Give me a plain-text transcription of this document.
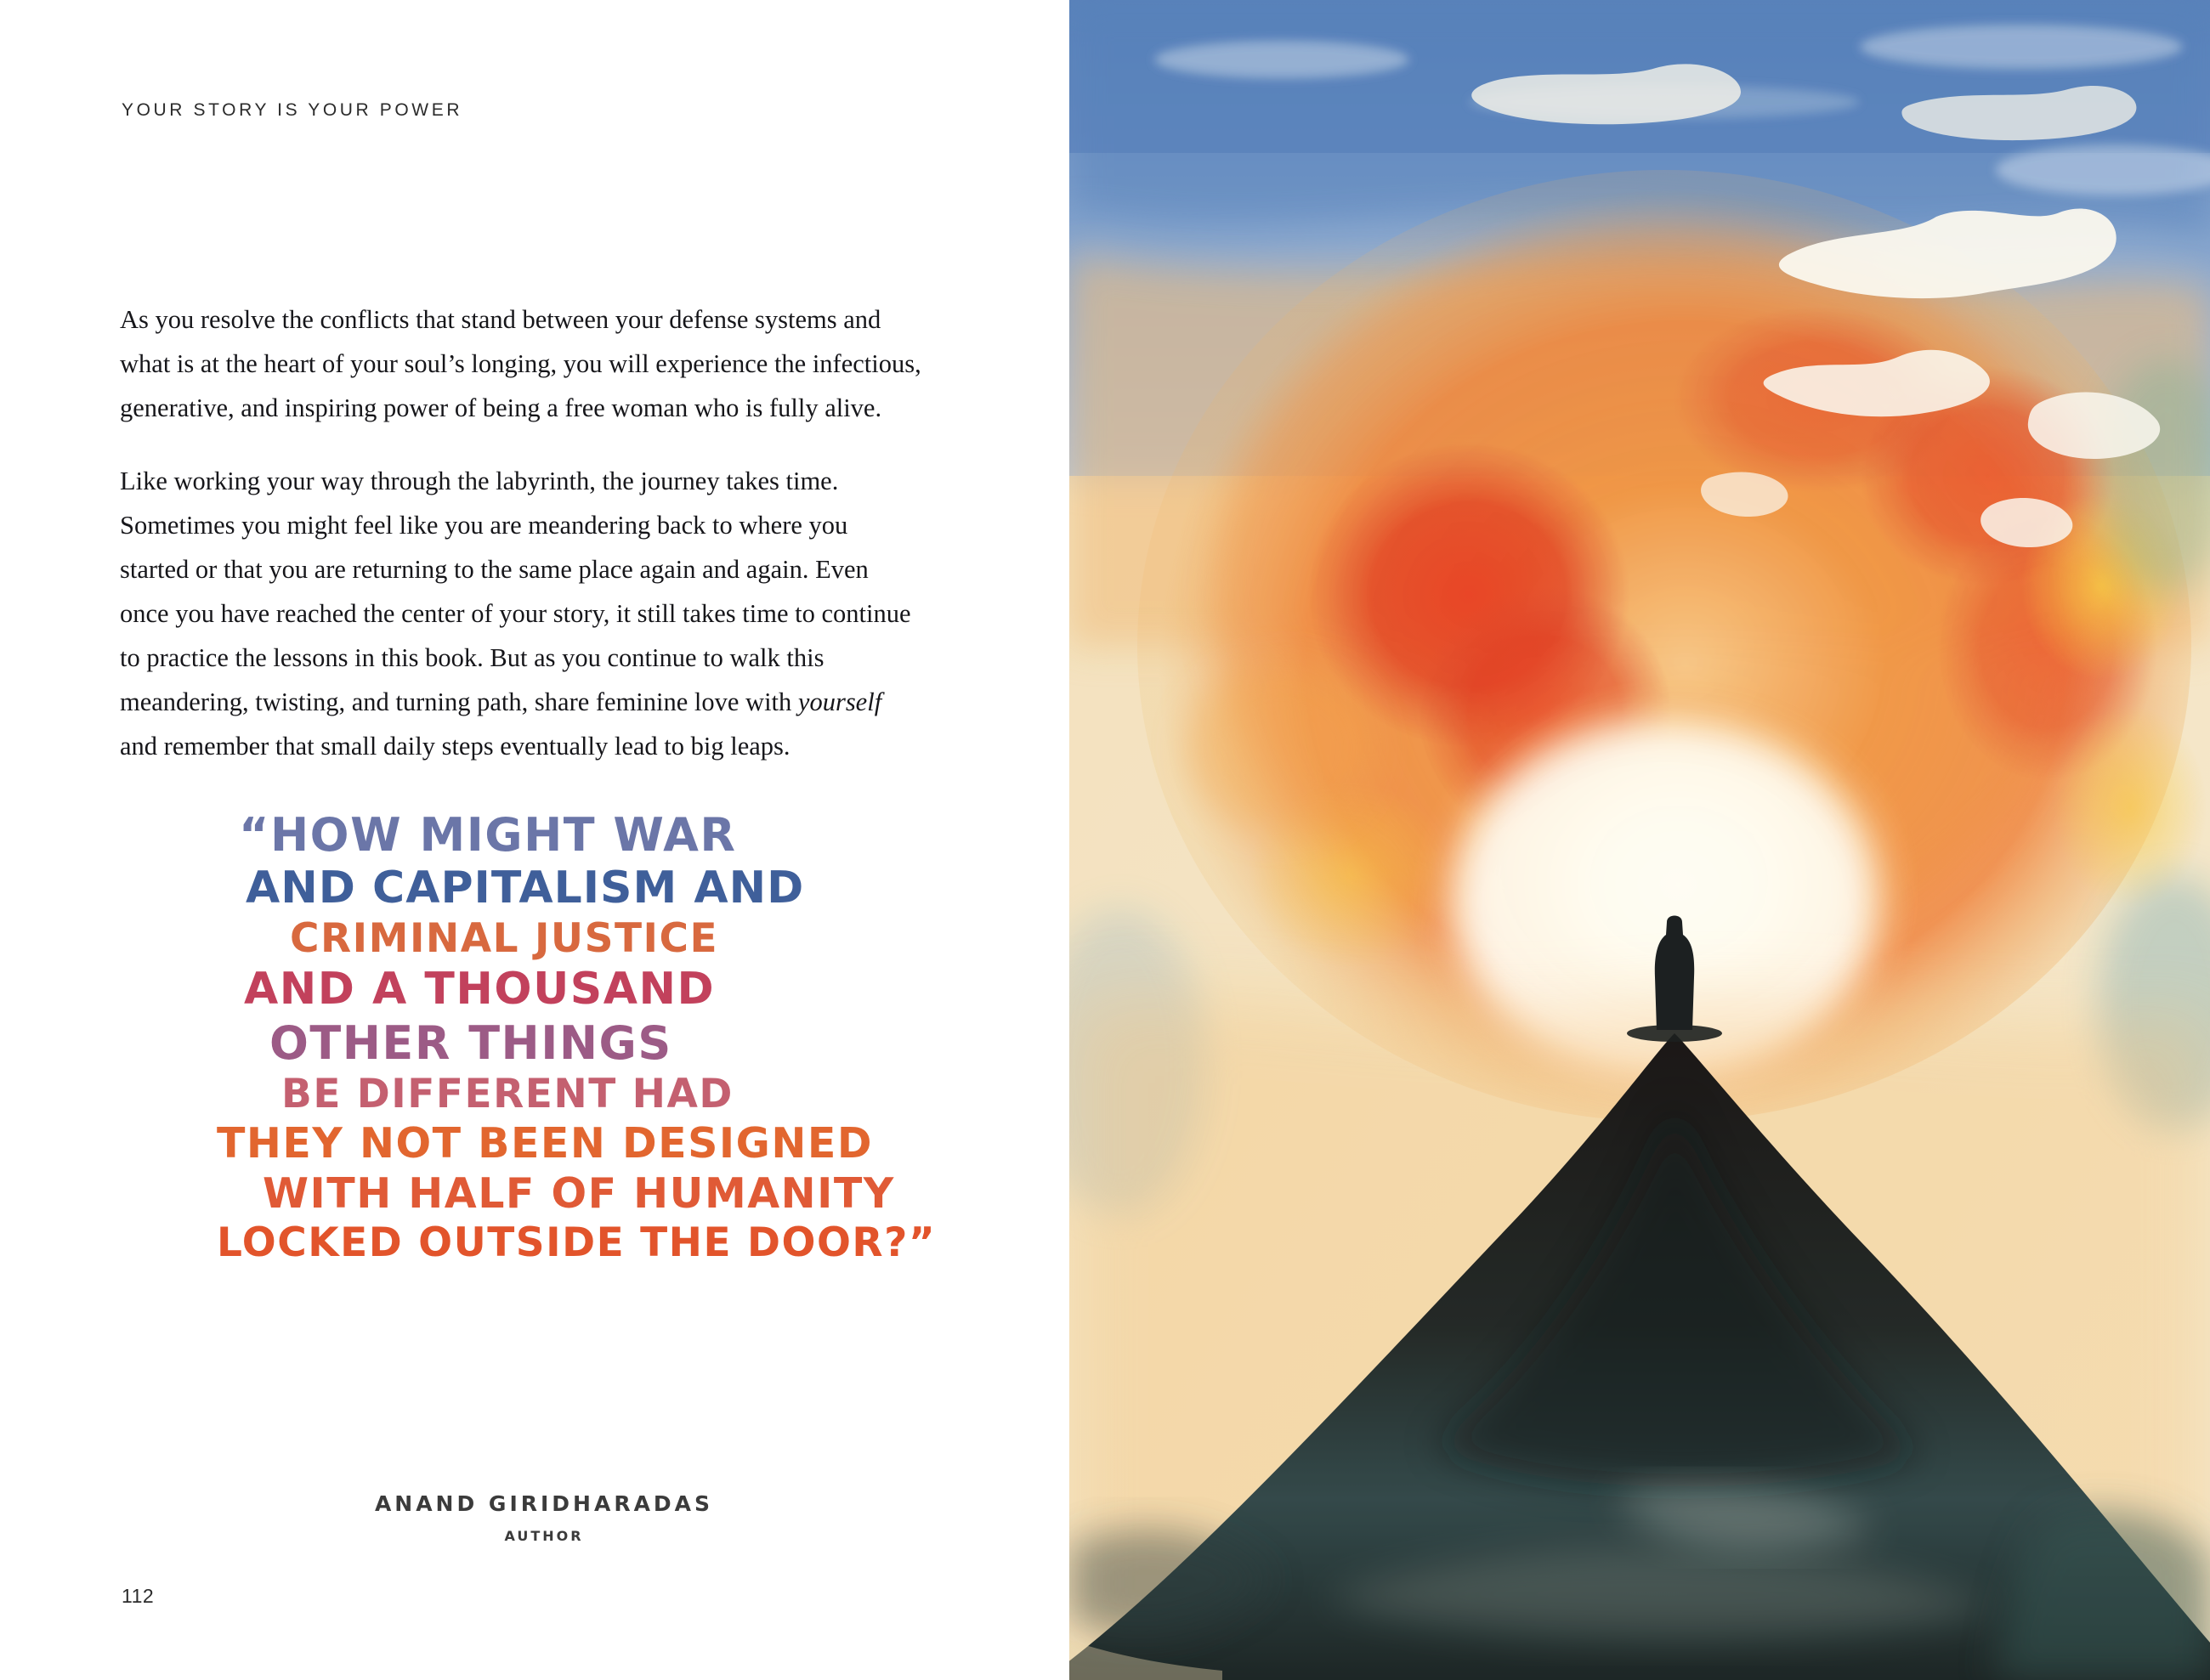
YOUR STORY IS YOUR POWER

As you resolve the conflicts that stand between your defense systems and what is at the heart of your soul’s longing, you will experience the infectious, generative, and inspiring power of being a free woman who is fully alive.

Like working your way through the labyrinth, the journey takes time. Sometimes you might feel like you are meandering back to where you started or that you are returning to the same place again and again. Even once you have reached the center of your story, it still takes time to continue to practice the lessons in this book. But as you continue to walk this meandering, twisting, and turning path, share feminine love with yourself and remember that small daily steps eventually lead to big leaps.

“HOW MIGHT WAR
AND CAPITALISM AND
CRIMINAL JUSTICE
AND A THOUSAND
OTHER THINGS
BE DIFFERENT HAD
THEY NOT BEEN DESIGNED
WITH HALF OF HUMANITY
LOCKED OUTSIDE THE DOOR?”

ANAND GIRIDHARADAS

AUTHOR

112
